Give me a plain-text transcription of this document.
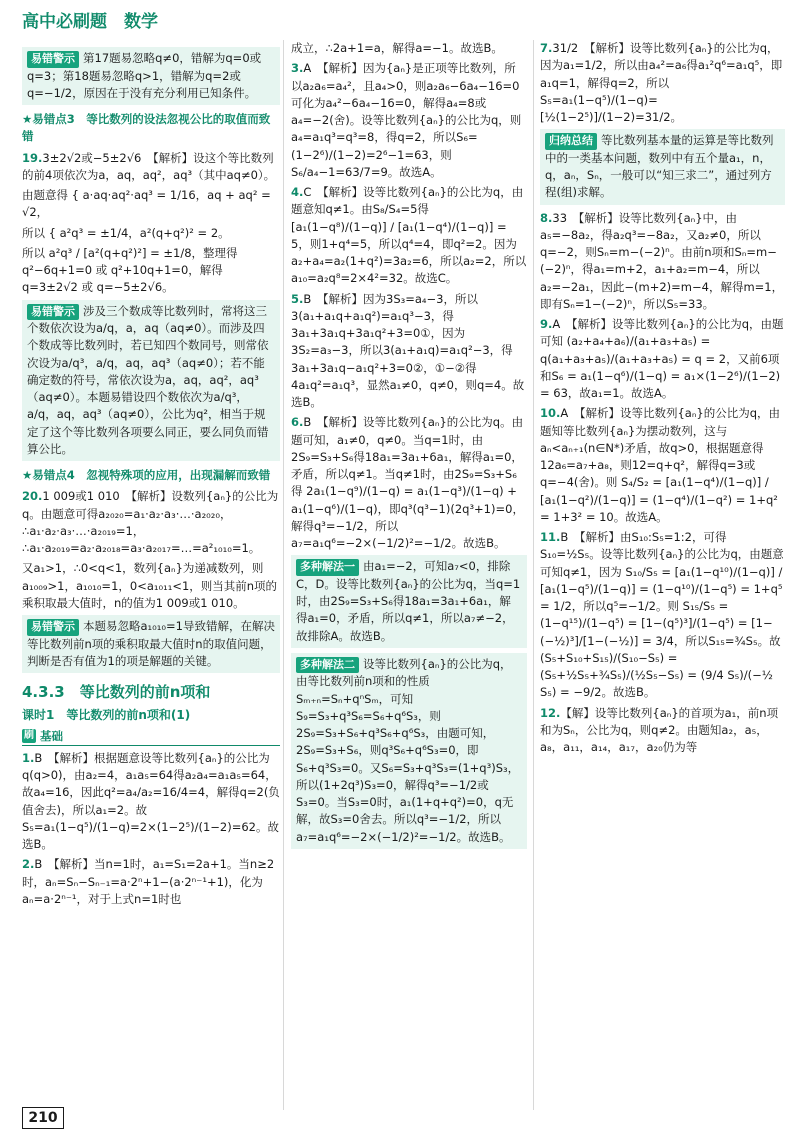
高中必刷题　数学
易错警示 第17题易忽略q≠0，错解为q=0或q=3；第18题易忽略q>1，错解为q=2或q=−1/2，原因在于没有充分利用已知条件。
★易错点3　等比数列的设法忽视公比的取值而致错

19.3±2√2或−5±2√6　【解析】设这个等比数列的前4项依次为a，aq，aq²，aq³（其中aq≠0）。

由题意得 { a·aq·aq²·aq³ = 1/16，aq + aq² = √2，

所以 { a²q³ = ±1/4，a²(q+q²)² = 2。

所以 a²q³ / [a²(q+q²)²] = ±1/8，整理得 q²−6q+1=0 或 q²+10q+1=0，解得 q=3±2√2 或 q=−5±2√6。

易错警示 涉及三个数成等比数列时，常将这三个数依次设为a/q，a，aq（aq≠0）。而涉及四个数成等比数列时，若已知四个数同号，则常依次设为a/q³，a/q，aq，aq³（aq≠0）；若不能确定数的符号，常依次设为a，aq，aq²，aq³（aq≠0）。本题易错设四个数依次为a/q³，a/q，aq，aq³（aq≠0），公比为q²，相当于规定了这个等比数列各项要么同正，要么同负而错算公比。
★易错点4　忽视特殊项的应用，出现漏解而致错

20.1 009或1 010　【解析】设数列{aₙ}的公比为q。由题意可得a₂₀₂₀=a₁·a₂·a₃·…·a₂₀₂₀，∴a₁·a₂·a₃·…·a₂₀₁₉=1，∴a₁·a₂₀₁₉=a₂·a₂₀₁₈=a₃·a₂₀₁₇=…=a²₁₀₁₀=1。

又a₁>1，∴0<q<1，数列{aₙ}为递减数列，则a₁₀₀₉>1，a₁₀₁₀=1，0<a₁₀₁₁<1，则当其前n项的乘积取最大值时，n的值为1 009或1 010。

易错警示 本题易忽略a₁₀₁₀=1导致错解，在解决等比数列前n项的乘积取最大值时n的取值问题，判断是否有值为1的项是解题的关键。
4.3.3　等比数列的前n项和
课时1　等比数列的前n项和(1)
刷 基础

1.B　【解析】根据题意设等比数列{aₙ}的公比为q(q>0)，由a₂=4，a₁a₅=64得a₂a₄=a₁a₅=64，故a₄=16，因此q²=a₄/a₂=16/4=4，解得q=2(负值舍去)，所以a₁=2。故S₅=a₁(1−q⁵)/(1−q)=2×(1−2⁵)/(1−2)=62。故选B。

2.B　【解析】当n=1时，a₁=S₁=2a+1。当n≥2时，aₙ=Sₙ−Sₙ₋₁=a·2ⁿ+1−(a·2ⁿ⁻¹+1)，化为aₙ=a·2ⁿ⁻¹，对于上式n=1时也

成立，∴2a+1=a，解得a=−1。故选B。

3.A　【解析】因为{aₙ}是正项等比数列，所以a₂a₆=a₄²，且a₄>0，则a₂a₆−6a₄−16=0可化为a₄²−6a₄−16=0，解得a₄=8或a₄=−2(舍)。设等比数列{aₙ}的公比为q，则a₄=a₁q³=q³=8，得q=2，所以S₆=(1−2⁶)/(1−2)=2⁶−1=63，则S₆/a₄−1=63/7=9。故选A。

4.C　【解析】设等比数列{aₙ}的公比为q，由题意知q≠1。由S₈/S₄=5得 [a₁(1−q⁸)/(1−q)] / [a₁(1−q⁴)/(1−q)] = 5，则1+q⁴=5，所以q⁴=4，即q²=2。因为a₂+a₄=a₂(1+q²)=3a₂=6，所以a₂=2，所以a₁₀=a₂q⁸=2×4²=32。故选C。

5.B　【解析】因为3S₃=a₄−3，所以3(a₁+a₁q+a₁q²)=a₁q³−3，得3a₁+3a₁q+3a₁q²+3=0①，因为3S₂=a₃−3，所以3(a₁+a₁q)=a₁q²−3，得3a₁+3a₁q−a₁q²+3=0②，①−②得4a₁q²=a₁q³，显然a₁≠0，q≠0，则q=4。故选B。

6.B　【解析】设等比数列{aₙ}的公比为q。由题可知，a₁≠0，q≠0。当q=1时，由2S₉=S₃+S₆得18a₁=3a₁+6a₁，解得a₁=0，矛盾，所以q≠1。当q≠1时，由2S₉=S₃+S₆得 2a₁(1−q⁹)/(1−q) = a₁(1−q³)/(1−q) + a₁(1−q⁶)/(1−q)，即q³(q³−1)(2q³+1)=0，解得q³=−1/2，所以a₇=a₁q⁶=−2×(−1/2)²=−1/2。故选B。

多种解法一 由a₁=−2，可知a₇<0，排除C，D。设等比数列{aₙ}的公比为q，当q=1时，由2S₉=S₃+S₆得18a₁=3a₁+6a₁，解得a₁=0，矛盾，所以q≠1，所以a₇≠−2，故排除A。故选B。
多种解法二 设等比数列{aₙ}的公比为q，由等比数列前n项和的性质Sₘ₊ₙ=Sₙ+qⁿSₘ，可知S₉=S₃+q³S₆=S₆+q⁶S₃，则2S₉=S₃+S₆+q³S₆+q⁶S₃，由题可知，2S₉=S₃+S₆，则q³S₆+q⁶S₃=0，即S₆+q³S₃=0。又S₆=S₃+q³S₃=(1+q³)S₃，所以(1+2q³)S₃=0，解得q³=−1/2或S₃=0。当S₃=0时，a₁(1+q+q²)=0，q无解，故S₃=0舍去。所以q³=−1/2，所以a₇=a₁q⁶=−2×(−1/2)²=−1/2。故选B。

7.31/2　【解析】设等比数列{aₙ}的公比为q，因为a₁=1/2，所以由a₄²=a₆得a₁²q⁶=a₁q⁵，即a₁q=1，解得q=2，所以S₅=a₁(1−q⁵)/(1−q)=[½(1−2⁵)]/(1−2)=31/2。

归纳总结 等比数列基本量的运算是等比数列中的一类基本问题，数列中有五个量a₁，n，q，aₙ，Sₙ，一般可以“知三求二”，通过列方程(组)求解。

8.33　【解析】设等比数列{aₙ}中，由a₅=−8a₂，得a₂q³=−8a₂，又a₂≠0，所以q=−2，则Sₙ=m−(−2)ⁿ。由前n项和Sₙ=m−(−2)ⁿ，得a₁=m+2，a₁+a₂=m−4，所以a₂=−2a₁，因此−(m+2)=m−4，解得m=1，即有Sₙ=1−(−2)ⁿ，所以S₅=33。

9.A　【解析】设等比数列{aₙ}的公比为q，由题可知 (a₂+a₄+a₆)/(a₁+a₃+a₅) = q(a₁+a₃+a₅)/(a₁+a₃+a₅) = q = 2，又前6项和S₆ = a₁(1−q⁶)/(1−q) = a₁×(1−2⁶)/(1−2) = 63，故a₁=1。故选A。

10.A　【解析】设等比数列{aₙ}的公比为q，由题知等比数列{aₙ}为摆动数列，这与aₙ<aₙ₊₁(n∈N*)矛盾，故q>0，根据题意得12a₆=a₇+a₈，则12=q+q²，解得q=3或q=−4(舍)。则 S₄/S₂ = [a₁(1−q⁴)/(1−q)] / [a₁(1−q²)/(1−q)] = (1−q⁴)/(1−q²) = 1+q² = 1+3² = 10。故选A。

11.B　【解析】由S₁₀:S₅=1:2，可得S₁₀=½S₅。设等比数列{aₙ}的公比为q，由题意可知q≠1，因为 S₁₀/S₅ = [a₁(1−q¹⁰)/(1−q)] / [a₁(1−q⁵)/(1−q)] = (1−q¹⁰)/(1−q⁵) = 1+q⁵ = 1/2，所以q⁵=−1/2。则 S₁₅/S₅ = (1−q¹⁵)/(1−q⁵) = [1−(q⁵)³]/(1−q⁵) = [1−(−½)³]/[1−(−½)] = 3/4，所以S₁₅=¾S₅。故 (S₅+S₁₀+S₁₅)/(S₁₀−S₅) = (S₅+½S₅+¾S₅)/(½S₅−S₅) = (9/4 S₅)/(−½ S₅) = −9/2。故选B。

12.【解】设等比数列{aₙ}的首项为a₁，前n项和为Sₙ，公比为q，则q≠2。由题知a₂，a₅，a₈，a₁₁，a₁₄，a₁₇，a₂₀仍为等

210
